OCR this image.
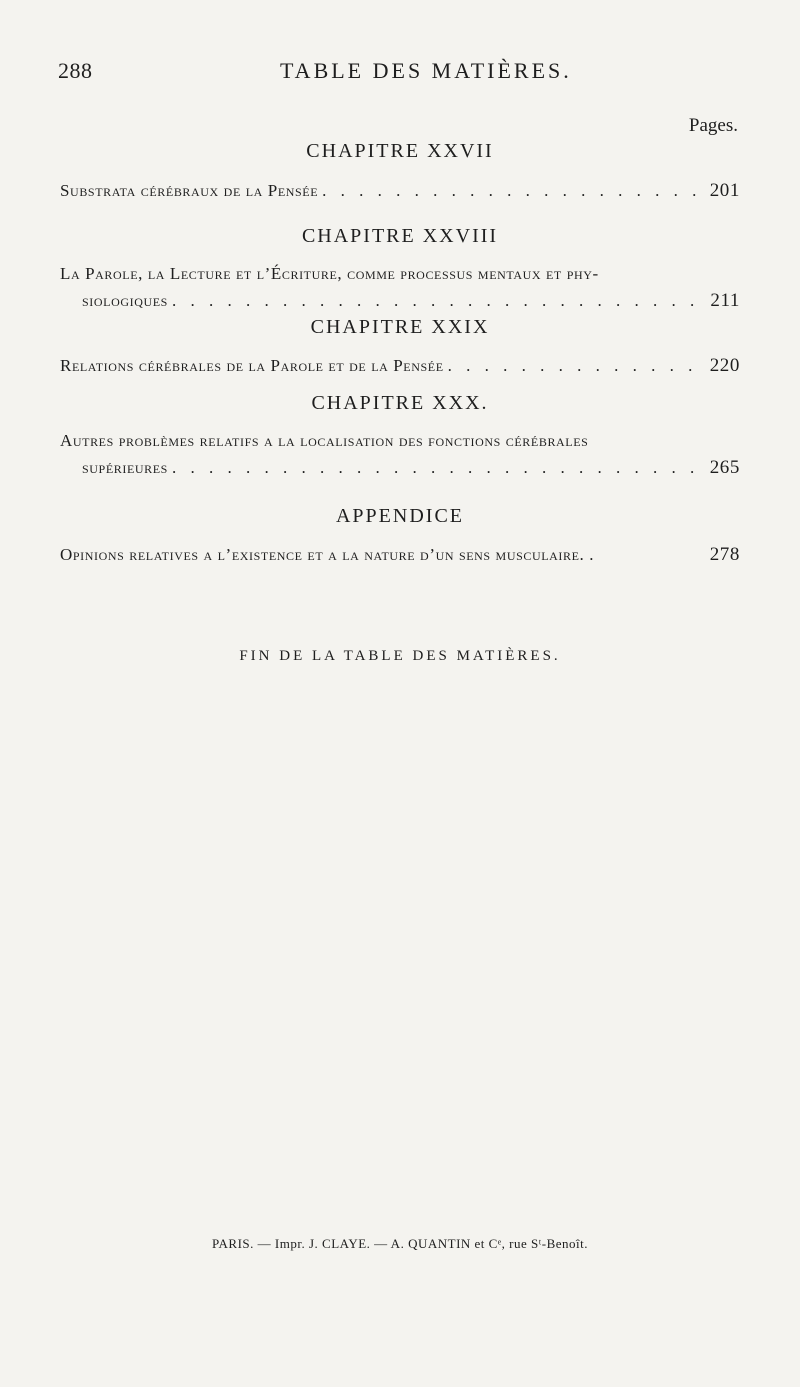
288	TABLE DES MATIÈRES.
Pages.
CHAPITRE XXVII
Substrata cérébraux de la Pensée . . .	201
CHAPITRE XXVIII
La Parole, la Lecture et l’Écriture, comme processus mentaux et phy-
siologiques . . .	211
CHAPITRE XXIX
Relations cérébrales de la Parole et de la Pensée . . .	220
CHAPITRE XXX.
Autres problèmes relatifs a la localisation des fonctions cérébrales
supérieures . . .	265
APPENDICE
Opinions relatives a l’existence et a la nature d’un sens musculaire. .	278
FIN DE LA TABLE DES MATIÈRES.
PARIS. — Impr. J. CLAYE. — A. QUANTIN et Cᵉ, rue Sᵗ-Benoît.
